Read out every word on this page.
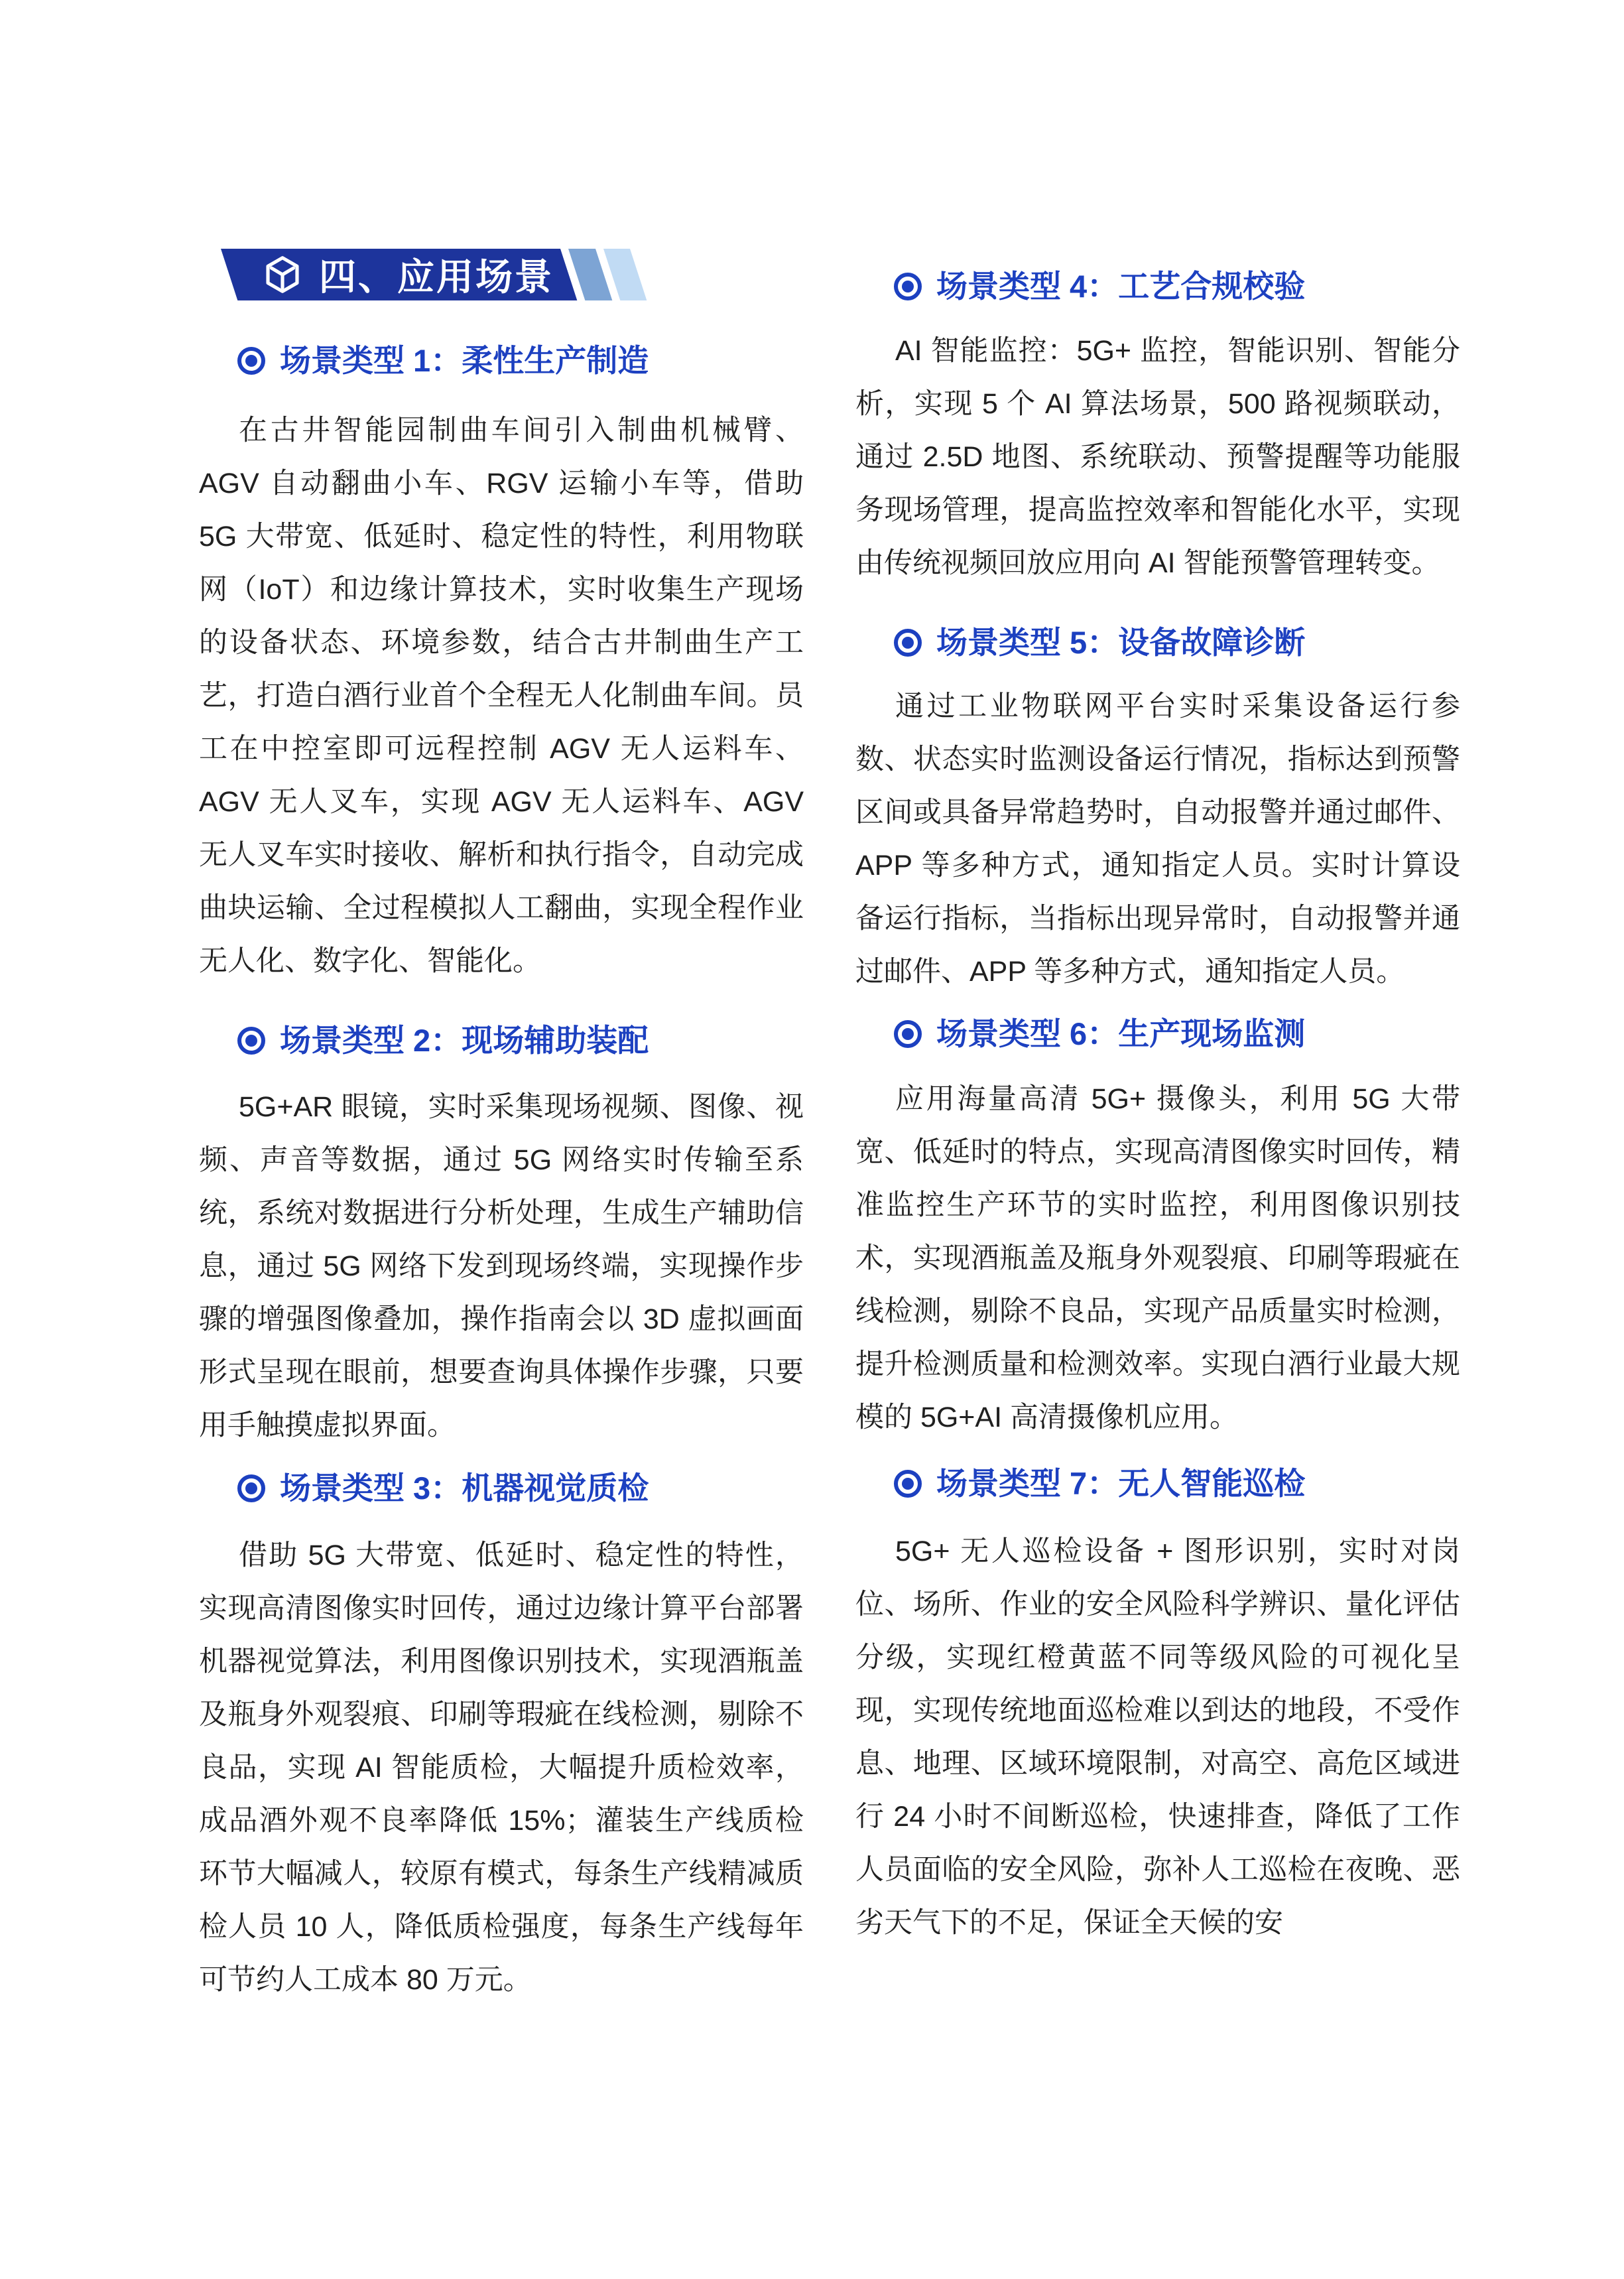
四、应用场景
场景类型 1：柔性生产制造

在古井智能园制曲车间引入制曲机械臂、AGV 自动翻曲小车、RGV 运输小车等，借助 5G 大带宽、低延时、稳定性的特性，利用物联网（IoT）和边缘计算技术，实时收集生产现场的设备状态、环境参数，结合古井制曲生产工艺，打造白酒行业首个全程无人化制曲车间。员工在中控室即可远程控制 AGV 无人运料车、AGV 无人叉车，实现 AGV 无人运料车、AGV 无人叉车实时接收、解析和执行指令，自动完成曲块运输、全过程模拟人工翻曲，实现全程作业无人化、数字化、智能化。

场景类型 2：现场辅助装配

5G+AR 眼镜，实时采集现场视频、图像、视频、声音等数据，通过 5G 网络实时传输至系统，系统对数据进行分析处理，生成生产辅助信息，通过 5G 网络下发到现场终端，实现操作步骤的增强图像叠加，操作指南会以 3D 虚拟画面形式呈现在眼前，想要查询具体操作步骤，只要用手触摸虚拟界面。

场景类型 3：机器视觉质检

借助 5G 大带宽、低延时、稳定性的特性，实现高清图像实时回传，通过边缘计算平台部署机器视觉算法，利用图像识别技术，实现酒瓶盖及瓶身外观裂痕、印刷等瑕疵在线检测，剔除不良品，实现 AI 智能质检，大幅提升质检效率，成品酒外观不良率降低 15%；灌装生产线质检环节大幅减人，较原有模式，每条生产线精减质检人员 10 人，降低质检强度，每条生产线每年可节约人工成本 80 万元。

场景类型 4：工艺合规校验

AI 智能监控：5G+ 监控，智能识别、智能分析，实现 5 个 AI 算法场景，500 路视频联动，通过 2.5D 地图、系统联动、预警提醒等功能服务现场管理，提高监控效率和智能化水平，实现由传统视频回放应用向 AI 智能预警管理转变。

场景类型 5：设备故障诊断

通过工业物联网平台实时采集设备运行参数、状态实时监测设备运行情况，指标达到预警区间或具备异常趋势时，自动报警并通过邮件、APP 等多种方式，通知指定人员。实时计算设备运行指标，当指标出现异常时，自动报警并通过邮件、APP 等多种方式，通知指定人员。

场景类型 6：生产现场监测

应用海量高清 5G+ 摄像头，利用 5G 大带宽、低延时的特点，实现高清图像实时回传，精准监控生产环节的实时监控，利用图像识别技术，实现酒瓶盖及瓶身外观裂痕、印刷等瑕疵在线检测，剔除不良品，实现产品质量实时检测，提升检测质量和检测效率。实现白酒行业最大规模的 5G+AI 高清摄像机应用。

场景类型 7：无人智能巡检

5G+ 无人巡检设备 + 图形识别，实时对岗位、场所、作业的安全风险科学辨识、量化评估分级，实现红橙黄蓝不同等级风险的可视化呈现，实现传统地面巡检难以到达的地段，不受作息、地理、区域环境限制，对高空、高危区域进行 24 小时不间断巡检，快速排查，降低了工作人员面临的安全风险，弥补人工巡检在夜晚、恶劣天气下的不足，保证全天候的安
